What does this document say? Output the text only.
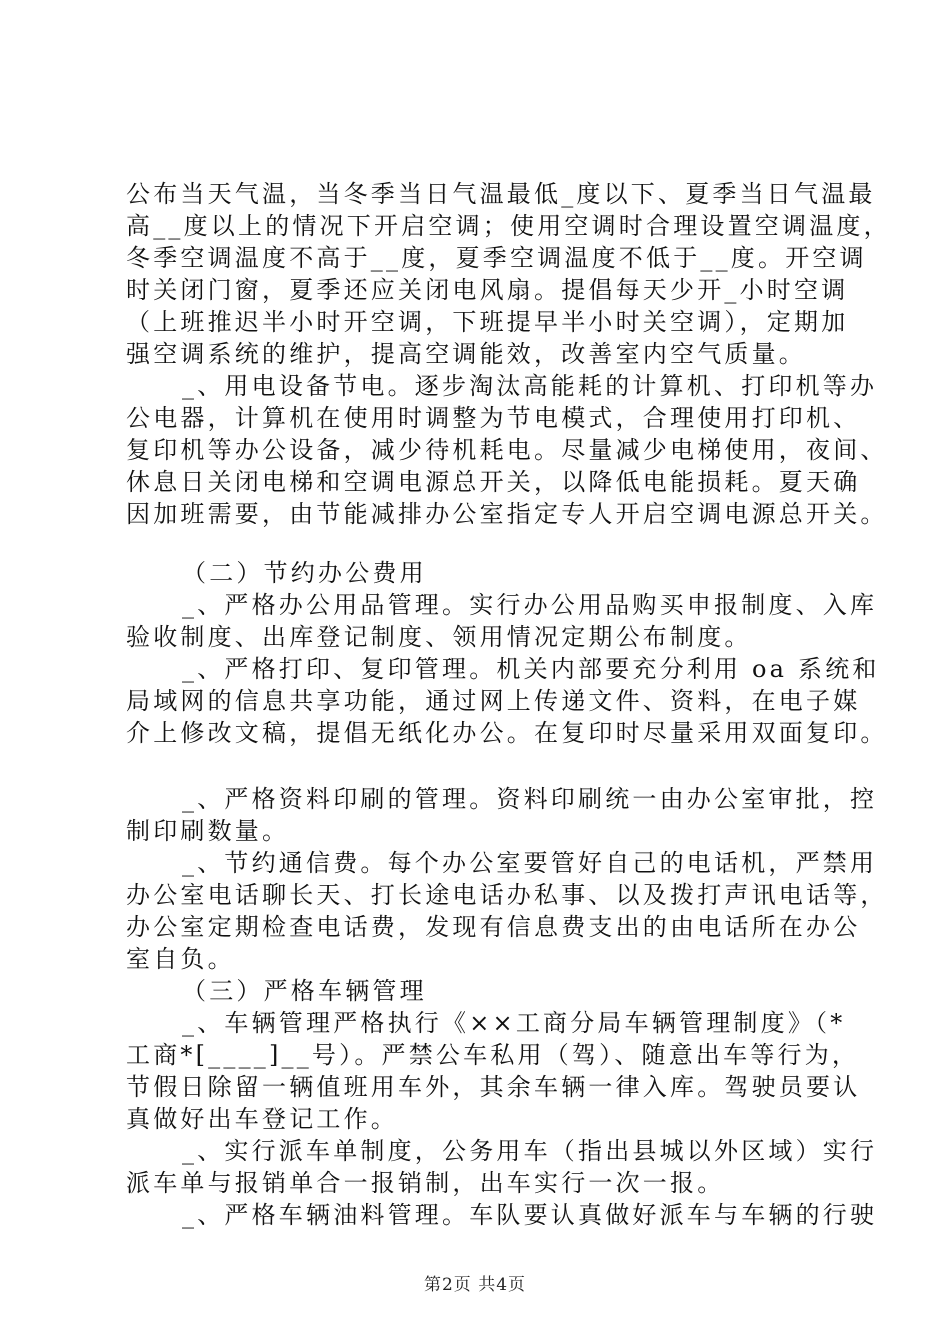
公布当天气温，当冬季当日气温最低_度以下、夏季当日气温最
高__度以上的情况下开启空调；使用空调时合理设置空调温度，
冬季空调温度不高于__度，夏季空调温度不低于__度。开空调
时关闭门窗，夏季还应关闭电风扇。提倡每天少开_小时空调
（上班推迟半小时开空调，下班提早半小时关空调），定期加
强空调系统的维护，提高空调能效，改善室内空气质量。
_、用电设备节电。逐步淘汰高能耗的计算机、打印机等办
公电器，计算机在使用时调整为节电模式，合理使用打印机、
复印机等办公设备，减少待机耗电。尽量减少电梯使用，夜间、
休息日关闭电梯和空调电源总开关，以降低电能损耗。夏天确
因加班需要，由节能减排办公室指定专人开启空调电源总开关。
（二）节约办公费用
_、严格办公用品管理。实行办公用品购买申报制度、入库
验收制度、出库登记制度、领用情况定期公布制度。
_、严格打印、复印管理。机关内部要充分利用 oa 系统和
局域网的信息共享功能，通过网上传递文件、资料，在电子媒
介上修改文稿，提倡无纸化办公。在复印时尽量采用双面复印。
_、严格资料印刷的管理。资料印刷统一由办公室审批，控
制印刷数量。
_、节约通信费。每个办公室要管好自己的电话机，严禁用
办公室电话聊长天、打长途电话办私事、以及拨打声讯电话等，
办公室定期检查电话费，发现有信息费支出的由电话所在办公
室自负。
（三）严格车辆管理
_、车辆管理严格执行《××工商分局车辆管理制度》（*
工商*[____]__号）。严禁公车私用（驾）、随意出车等行为，
节假日除留一辆值班用车外，其余车辆一律入库。驾驶员要认
真做好出车登记工作。
_、实行派车单制度，公务用车（指出县城以外区域）实行
派车单与报销单合一报销制，出车实行一次一报。
_、严格车辆油料管理。车队要认真做好派车与车辆的行驶
第2页 共4页
